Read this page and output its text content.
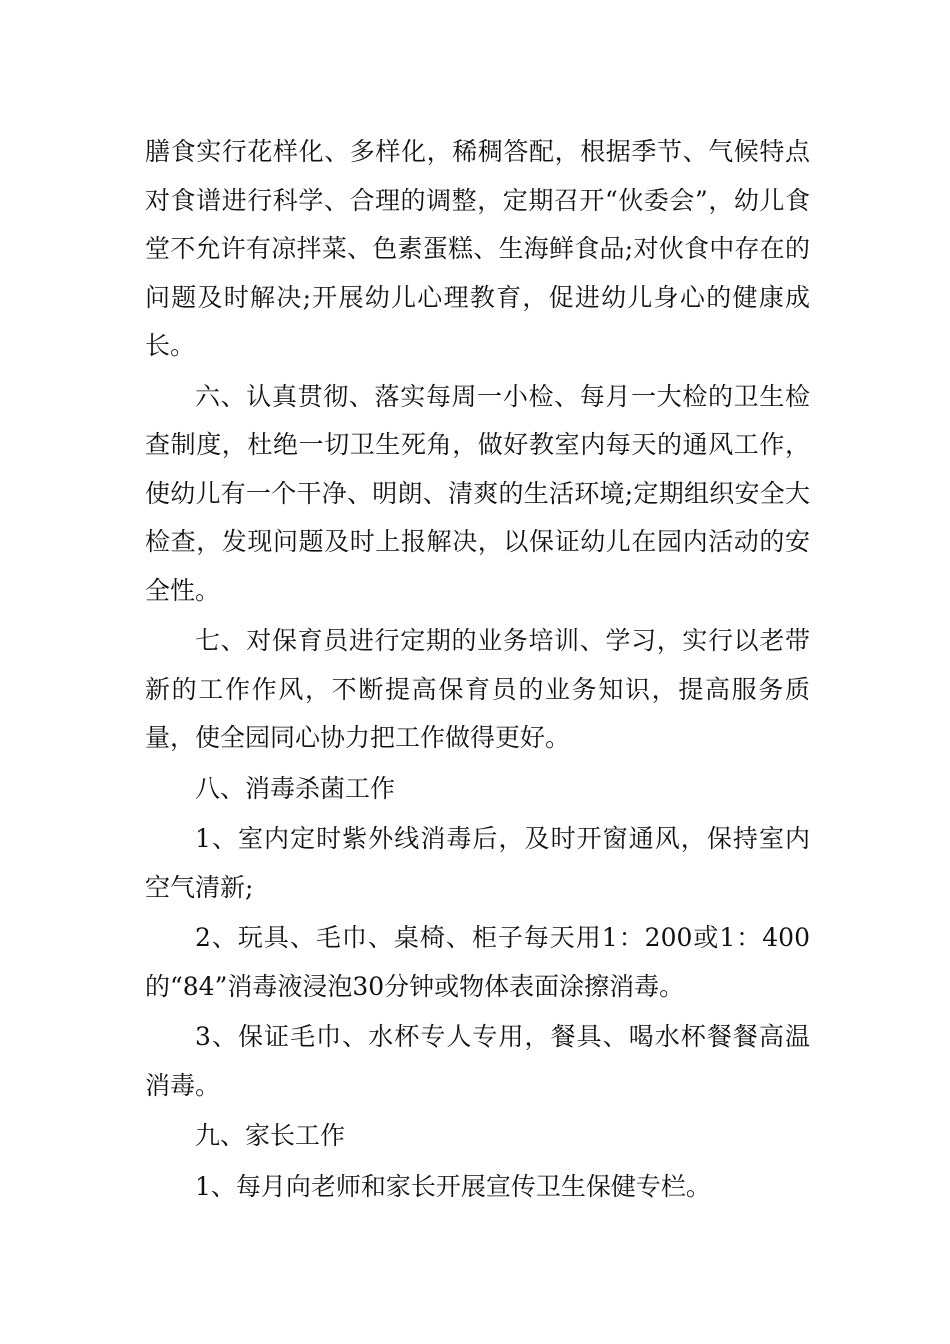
膳食实行花样化、多样化，稀稠答配，根据季节、气候特点对食谱进行科学、合理的调整，定期召开“伙委会”，幼儿食堂不允许有凉拌菜、色素蛋糕、生海鲜食品;对伙食中存在的问题及时解决;开展幼儿心理教育，促进幼儿身心的健康成长。

六、认真贯彻、落实每周一小检、每月一大检的卫生检查制度，杜绝一切卫生死角，做好教室内每天的通风工作，使幼儿有一个干净、明朗、清爽的生活环境;定期组织安全大检查，发现问题及时上报解决，以保证幼儿在园内活动的安全性。

七、对保育员进行定期的业务培训、学习，实行以老带新的工作作风，不断提高保育员的业务知识，提高服务质量，使全园同心协力把工作做得更好。

八、消毒杀菌工作

1、室内定时紫外线消毒后，及时开窗通风，保持室内空气清新;

2、玩具、毛巾、桌椅、柜子每天用1：200或1：400的“84”消毒液浸泡30分钟或物体表面涂擦消毒。

3、保证毛巾、水杯专人专用，餐具、喝水杯餐餐高温消毒。

九、家长工作

1、每月向老师和家长开展宣传卫生保健专栏。
